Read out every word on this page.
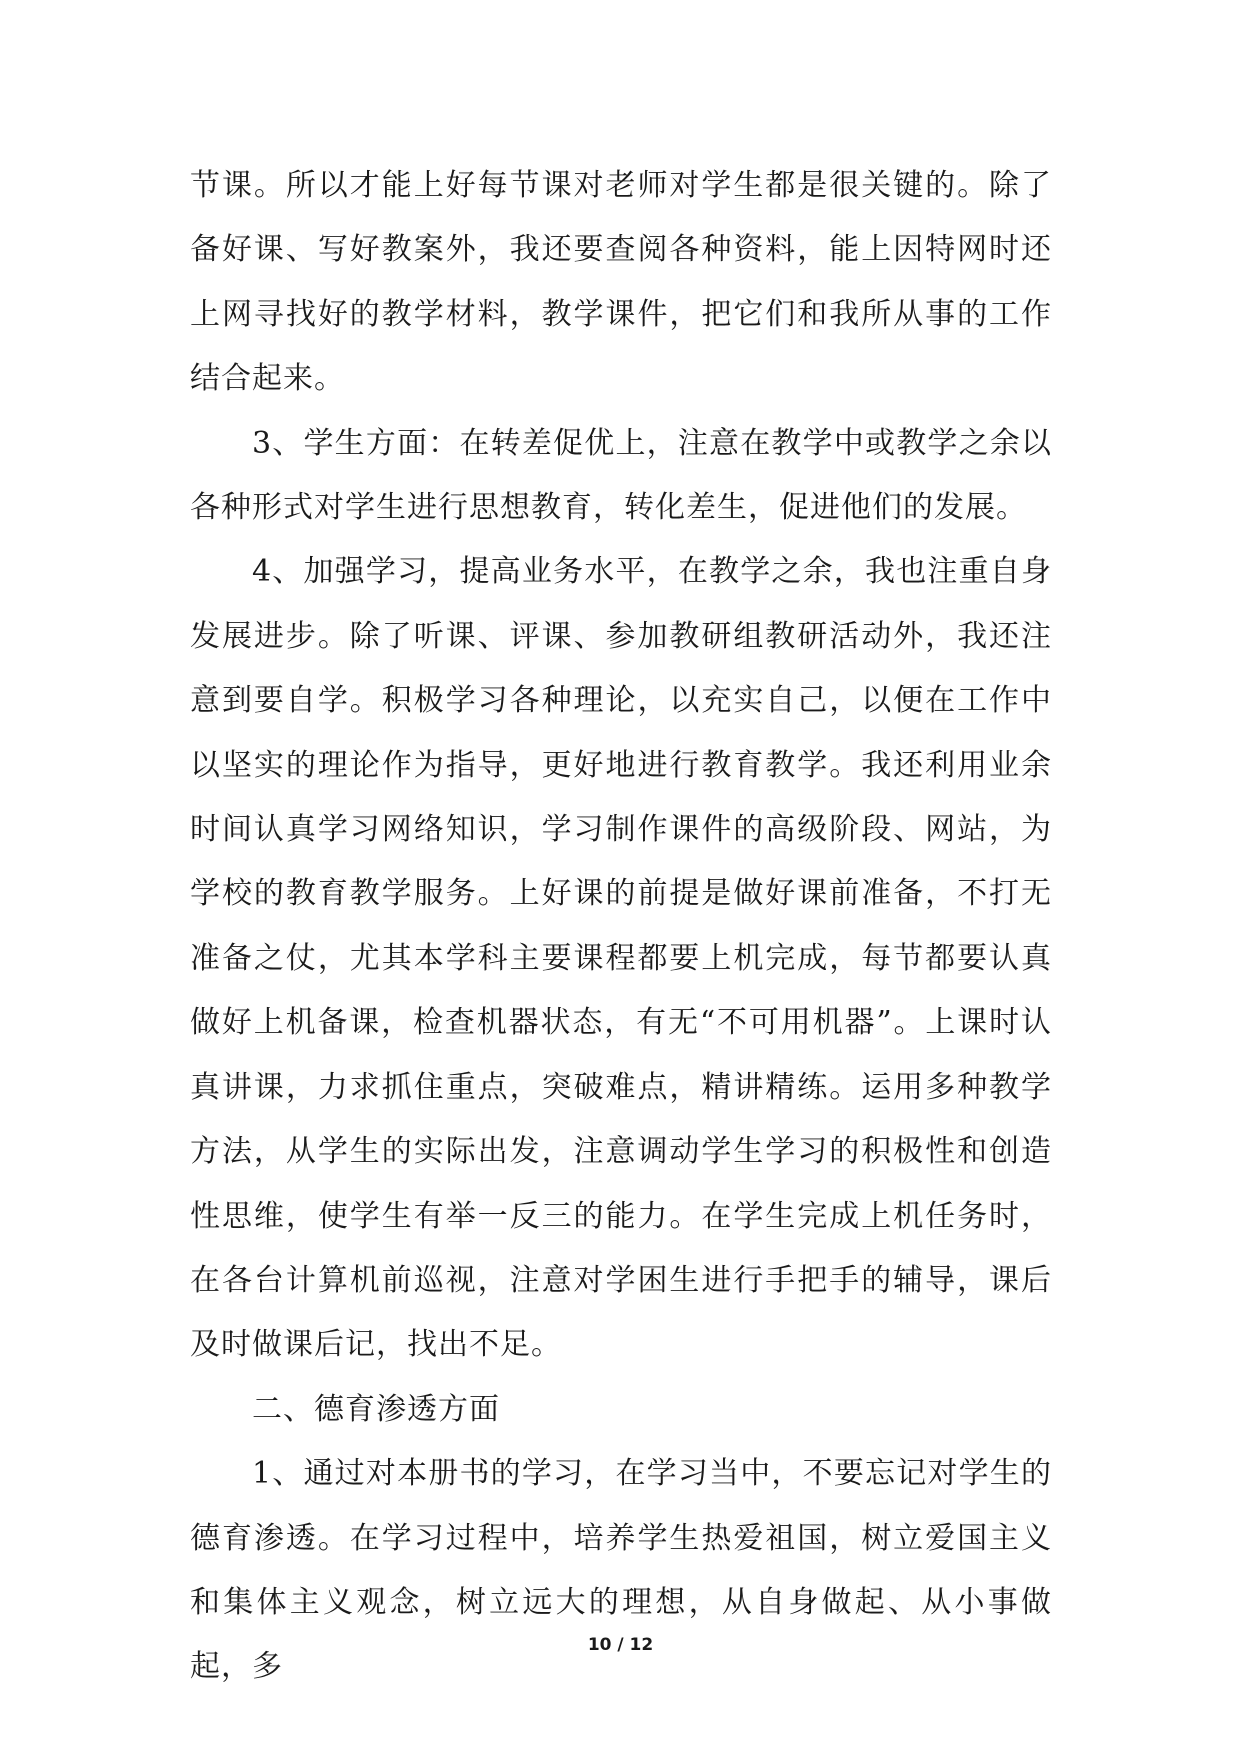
节课。所以才能上好每节课对老师对学生都是很关键的。除了备好课、写好教案外，我还要查阅各种资料，能上因特网时还上网寻找好的教学材料，教学课件，把它们和我所从事的工作结合起来。

3、学生方面：在转差促优上，注意在教学中或教学之余以各种形式对学生进行思想教育，转化差生，促进他们的发展。

4、加强学习，提高业务水平，在教学之余，我也注重自身发展进步。除了听课、评课、参加教研组教研活动外，我还注意到要自学。积极学习各种理论，以充实自己，以便在工作中以坚实的理论作为指导，更好地进行教育教学。我还利用业余时间认真学习网络知识，学习制作课件的高级阶段、网站，为学校的教育教学服务。上好课的前提是做好课前准备，不打无准备之仗，尤其本学科主要课程都要上机完成，每节都要认真做好上机备课，检查机器状态，有无“不可用机器”。上课时认真讲课，力求抓住重点，突破难点，精讲精练。运用多种教学方法，从学生的实际出发，注意调动学生学习的积极性和创造性思维，使学生有举一反三的能力。在学生完成上机任务时，在各台计算机前巡视，注意对学困生进行手把手的辅导，课后及时做课后记，找出不足。

二、德育渗透方面

1、通过对本册书的学习，在学习当中，不要忘记对学生的德育渗透。在学习过程中，培养学生热爱祖国，树立爱国主义和集体主义观念，树立远大的理想，从自身做起、从小事做起，多

10 / 12
